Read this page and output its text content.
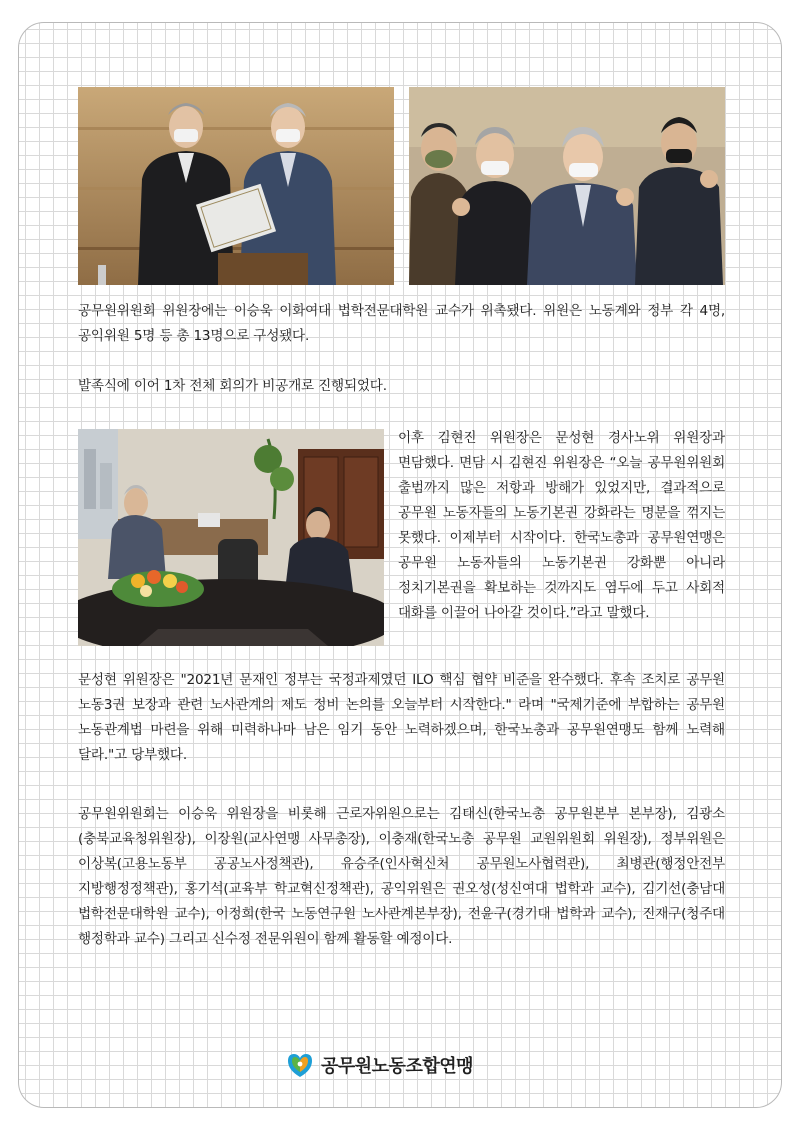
공무원위원회 위원장에는 이승욱 이화여대 법학전문대학원 교수가 위촉됐다. 위원은 노동계와 정부 각 4명, 공익위원 5명 등 총 13명으로 구성됐다.

발족식에 이어 1차 전체 회의가 비공개로 진행되었다.

이후 김현진 위원장은 문성현 경사노위 위원장과 면담했다. 면담 시 김현진 위원장은 “오늘 공무원위원회 출범까지 많은 저항과 방해가 있었지만, 결과적으로 공무원 노동자들의 노동기본권 강화라는 명분을 꺾지는 못했다. 이제부터 시작이다. 한국노총과 공무원연맹은 공무원 노동자들의 노동기본권 강화뿐 아니라 정치기본권을 확보하는 것까지도 염두에 두고 사회적 대화를 이끌어 나아갈 것이다.”라고 말했다.

문성현 위원장은 "2021년 문재인 정부는 국정과제였던 ILO 핵심 협약 비준을 완수했다. 후속 조치로 공무원 노동3권 보장과 관련 노사관계의 제도 정비 논의를 오늘부터 시작한다." 라며 "국제기준에 부합하는 공무원 노동관계법 마련을 위해 미력하나마 남은 임기 동안 노력하겠으며, 한국노총과 공무원연맹도 함께 노력해 달라."고 당부했다.

공무원위원회는 이승욱 위원장을 비롯해 근로자위원으로는 김태신(한국노총 공무원본부 본부장), 김광소(충북교육청위원장), 이장원(교사연맹 사무총장), 이충재(한국노총 공무원 교원위원회 위원장), 정부위원은 이상복(고용노동부 공공노사정책관), 유승주(인사혁신처 공무원노사협력관), 최병관(행정안전부 지방행정정책관), 홍기석(교육부 학교혁신정책관), 공익위원은 권오성(성신여대 법학과 교수), 김기선(충남대 법학전문대학원 교수), 이정희(한국 노동연구원 노사관계본부장), 전윤구(경기대 법학과 교수), 진재구(청주대 행정학과 교수) 그리고 신수정 전문위원이 함께 활동할 예정이다.

공무원노동조합연맹
